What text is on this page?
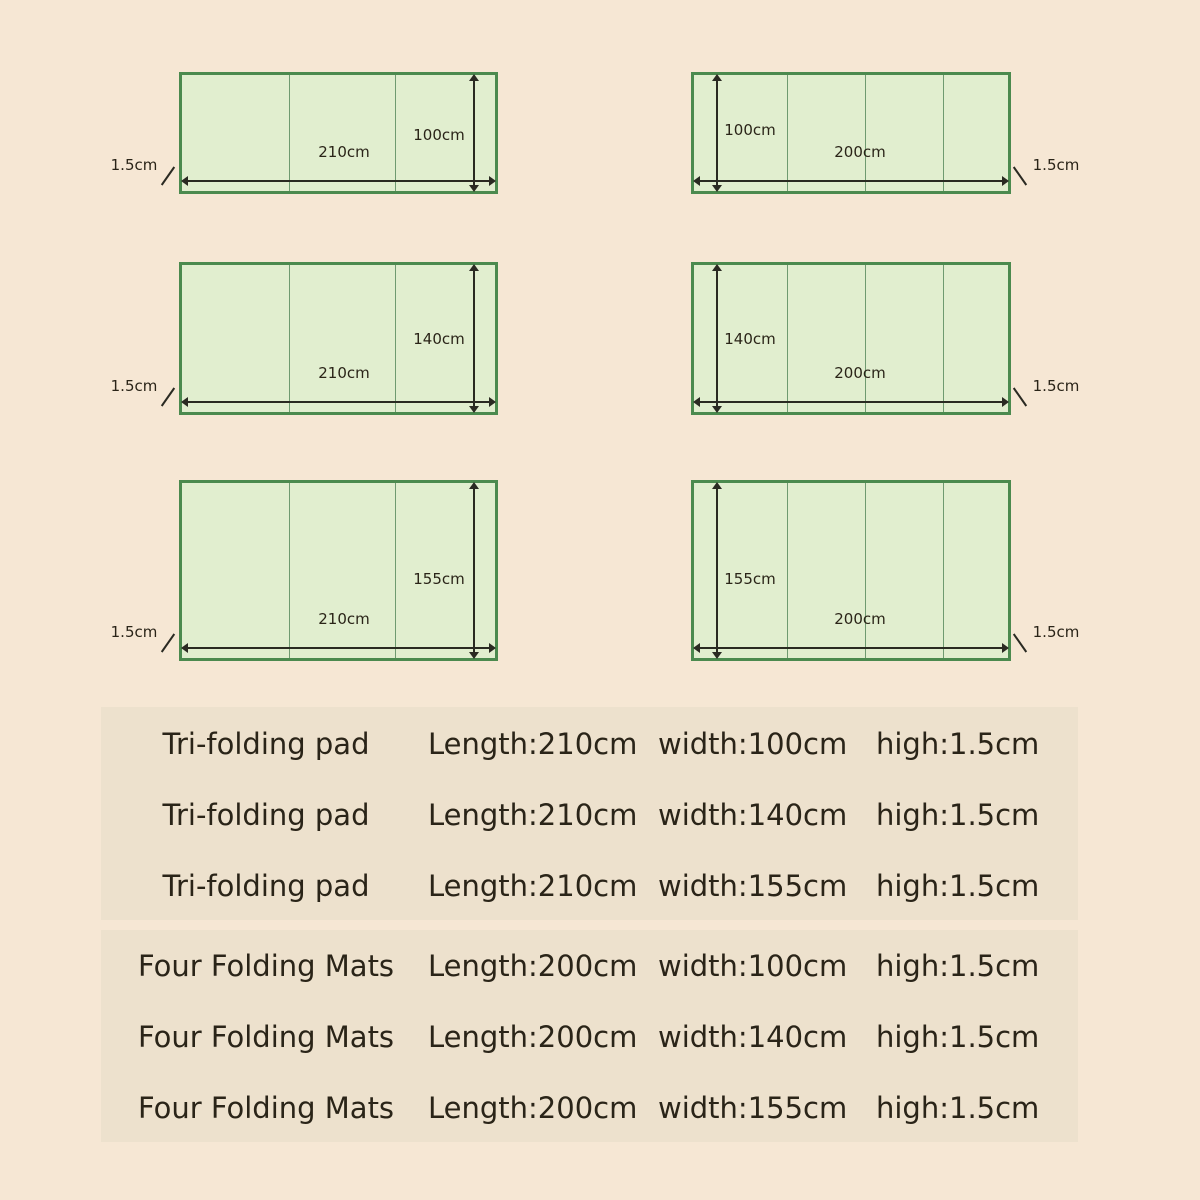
210cm
100cm
1.5cm
200cm
100cm
1.5cm
210cm
140cm
1.5cm
200cm
140cm
1.5cm
210cm
155cm
1.5cm
200cm
155cm
1.5cm
Tri-folding pad Length:210cm width:100cm high:1.5cm
Tri-folding pad Length:210cm width:140cm high:1.5cm
Tri-folding pad Length:210cm width:155cm high:1.5cm
Four Folding Mats Length:200cm width:100cm high:1.5cm
Four Folding Mats Length:200cm width:140cm high:1.5cm
Four Folding Mats Length:200cm width:155cm high:1.5cm
